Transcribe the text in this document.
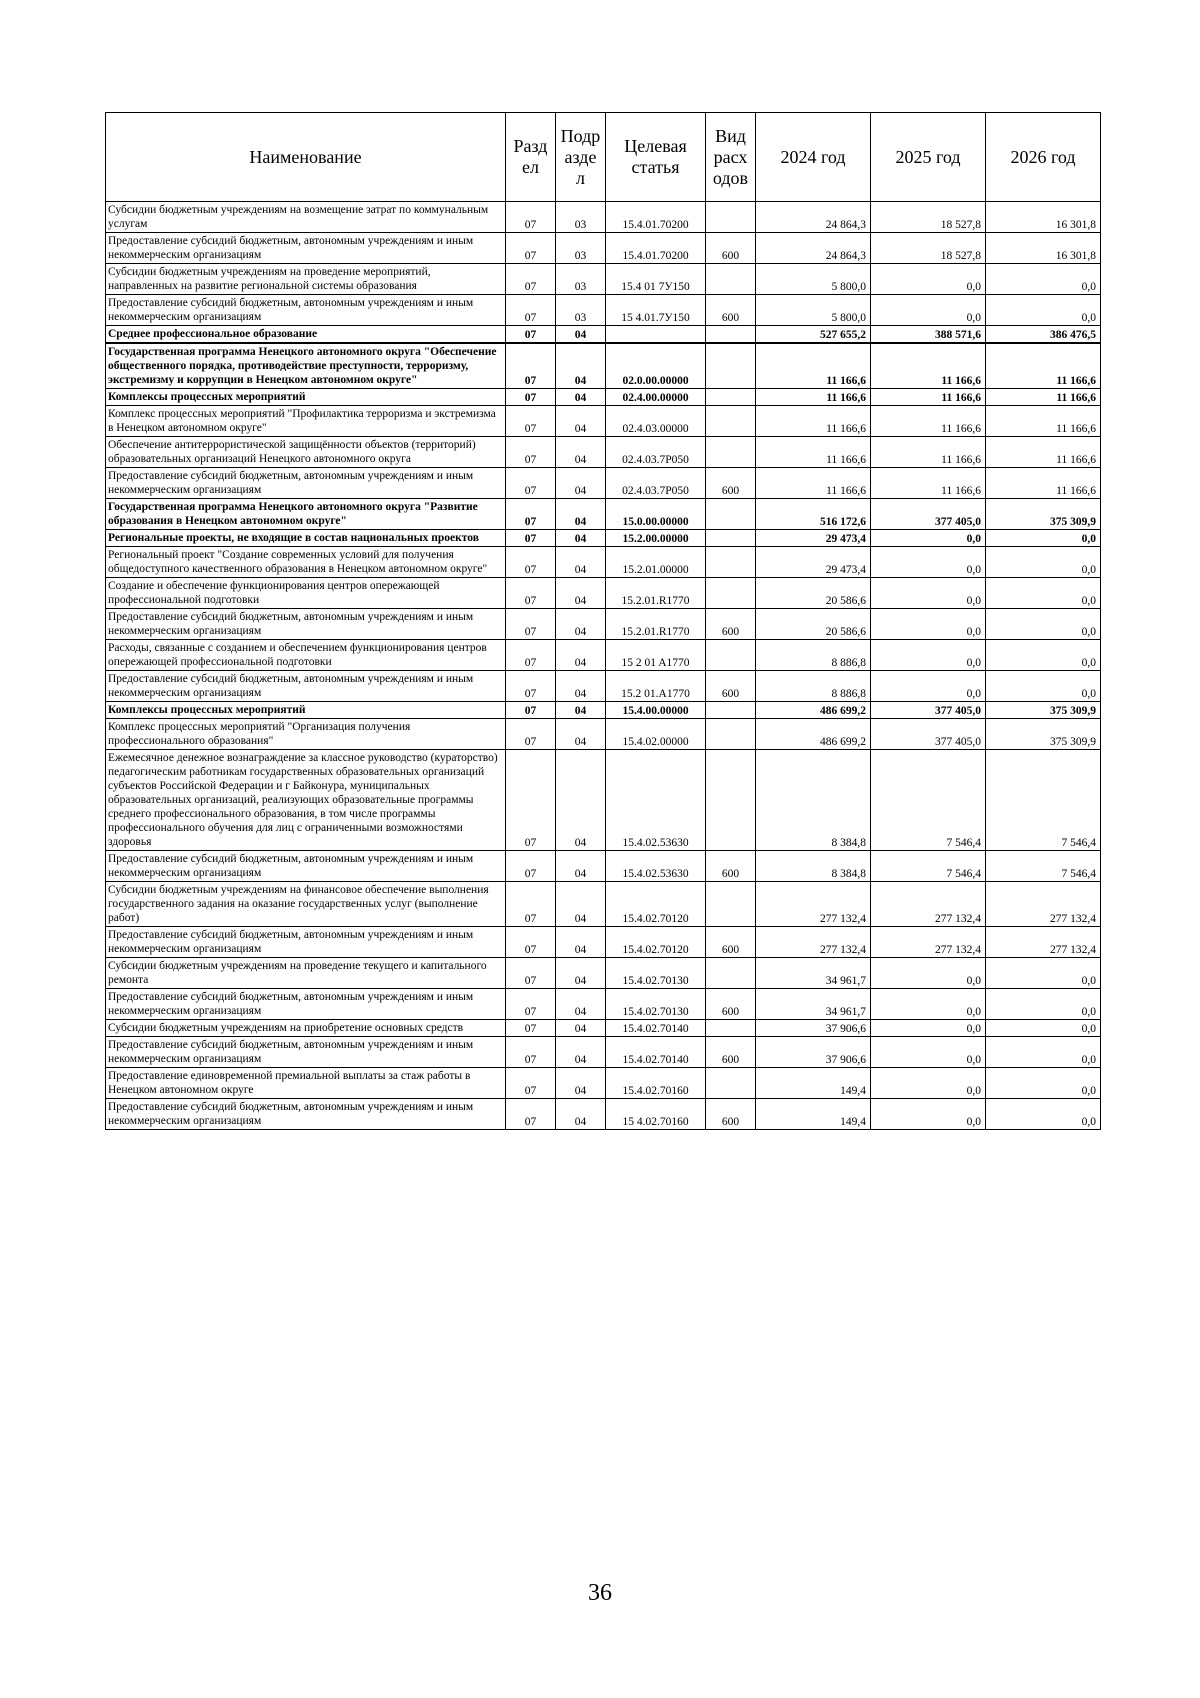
Наименование	Разд ел	Подр азде л	Целевая статья	Вид расх одов	2024 год	2025 год	2026 год
Субсидии бюджетным учреждениям на возмещение затрат по коммунальным услугам	07	03	15.4.01.70200		24 864,3	18 527,8	16 301,8
Предоставление субсидий бюджетным, автономным учреждениям и иным некоммерческим организациям	07	03	15.4.01.70200	600	24 864,3	18 527,8	16 301,8
Субсидии бюджетным учреждениям на проведение мероприятий, направленных на развитие региональной системы образования	07	03	15.4 01 7У150		5 800,0	0,0	0,0
Предоставление субсидий бюджетным, автономным учреждениям и иным некоммерческим организациям	07	03	15 4.01.7У150	600	5 800,0	0,0	0,0
Среднее профессиональное образование	07	04			527 655,2	388 571,6	386 476,5
Государственная программа Ненецкого автономного округа "Обеспечение общественного порядка, противодействие преступности, терроризму, экстремизму и коррупции в Ненецком автономном округе"	07	04	02.0.00.00000		11 166,6	11 166,6	11 166,6
Комплексы процессных мероприятий	07	04	02.4.00.00000		11 166,6	11 166,6	11 166,6
Комплекс процессных мероприятий "Профилактика терроризма и экстремизма в Ненецком автономном округе"	07	04	02.4.03.00000		11 166,6	11 166,6	11 166,6
Обеспечение антитеррористической защищённости объектов (территорий) образовательных организаций Ненецкого автономного округа	07	04	02.4.03.7Р050		11 166,6	11 166,6	11 166,6
Предоставление субсидий бюджетным, автономным учреждениям и иным некоммерческим организациям	07	04	02.4.03.7Р050	600	11 166,6	11 166,6	11 166,6
Государственная программа Ненецкого автономного округа "Развитие образования в Ненецком автономном округе"	07	04	15.0.00.00000		516 172,6	377 405,0	375 309,9
Региональные проекты, не входящие в состав национальных проектов	07	04	15.2.00.00000		29 473,4	0,0	0,0
Региональный проект "Создание современных условий для получения общедоступного качественного образования в Ненецком автономном округе"	07	04	15.2.01.00000		29 473,4	0,0	0,0
Создание и обеспечение функционирования центров опережающей профессиональной подготовки	07	04	15.2.01.R1770		20 586,6	0,0	0,0
Предоставление субсидий бюджетным, автономным учреждениям и иным некоммерческим организациям	07	04	15.2.01.R1770	600	20 586,6	0,0	0,0
Расходы, связанные с созданием и обеспечением функционирования центров опережающей профессиональной подготовки	07	04	15 2 01 A1770		8 886,8	0,0	0,0
Предоставление субсидий бюджетным, автономным учреждениям и иным некоммерческим организациям	07	04	15.2 01.A1770	600	8 886,8	0,0	0,0
Комплексы процессных мероприятий	07	04	15.4.00.00000		486 699,2	377 405,0	375 309,9
Комплекс процессных мероприятий "Организация получения профессионального образования"	07	04	15.4.02.00000		486 699,2	377 405,0	375 309,9
Ежемесячное денежное вознаграждение за классное руководство (кураторство) педагогическим работникам государственных образовательных организаций субъектов Российской Федерации и г Байконура, муниципальных образовательных организаций, реализующих образовательные программы среднего профессионального образования, в том числе программы профессионального обучения для лиц с ограниченными возможностями здоровья	07	04	15.4.02.53630		8 384,8	7 546,4	7 546,4
Предоставление субсидий бюджетным, автономным учреждениям и иным некоммерческим организациям	07	04	15.4.02.53630	600	8 384,8	7 546,4	7 546,4
Субсидии бюджетным учреждениям на финансовое обеспечение выполнения государственного задания на оказание государственных услуг (выполнение работ)	07	04	15.4.02.70120		277 132,4	277 132,4	277 132,4
Предоставление субсидий бюджетным, автономным учреждениям и иным некоммерческим организациям	07	04	15.4.02.70120	600	277 132,4	277 132,4	277 132,4
Субсидии бюджетным учреждениям на проведение текущего и капитального ремонта	07	04	15.4.02.70130		34 961,7	0,0	0,0
Предоставление субсидий бюджетным, автономным учреждениям и иным некоммерческим организациям	07	04	15.4.02.70130	600	34 961,7	0,0	0,0
Субсидии бюджетным учреждениям на приобретение основных средств	07	04	15.4.02.70140		37 906,6	0,0	0,0
Предоставление субсидий бюджетным, автономным учреждениям и иным некоммерческим организациям	07	04	15.4.02.70140	600	37 906,6	0,0	0,0
Предоставление единовременной премиальной выплаты за стаж работы в Ненецком автономном округе	07	04	15.4.02.70160		149,4	0,0	0,0
Предоставление субсидий бюджетным, автономным учреждениям и иным некоммерческим организациям	07	04	15 4.02.70160	600	149,4	0,0	0,0
36
